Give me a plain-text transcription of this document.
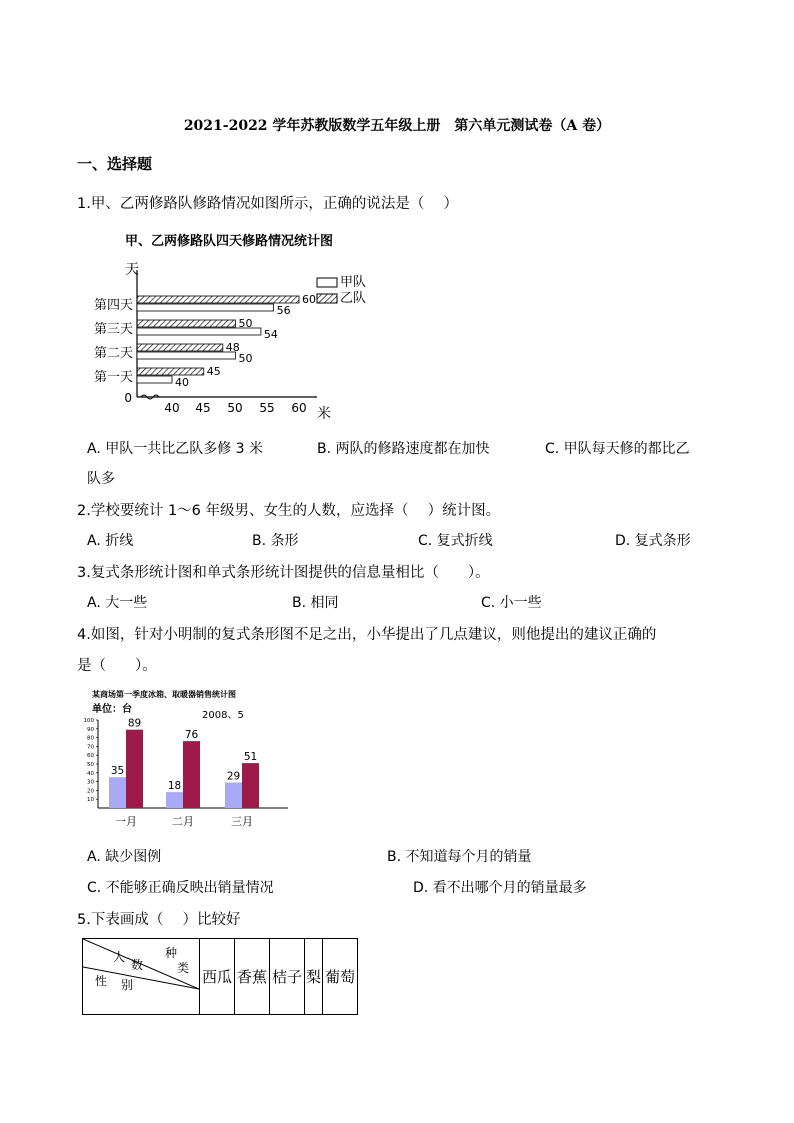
2021-2022 学年苏教版数学五年级上册　第六单元测试卷（A 卷）
一、选择题
1.甲、乙两修路队修路情况如图所示，正确的说法是（　 ）
甲、乙两修路队四天修路情况统计图
天
米
甲队
乙队
0
40 45 50 55 60
第一天	45
40
第二天	48
50
第三天	50
54
第四天	60
56
A. 甲队一共比乙队多修 3 米	B. 两队的修路速度都在加快	C. 甲队每天修的都比乙
队多
2.学校要统计 1～6 年级男、女生的人数，应选择（　 ）统计图。
A. 折线	B. 条形	C. 复式折线	D. 复式条形
3.复式条形统计图和单式条形统计图提供的信息量相比（　　）。
A. 大一些	B. 相同	C. 小一些
4.如图，针对小明制的复式条形图不足之出，小华提出了几点建议，则他提出的建议正确的
是（　　）。
某商场第一季度冰箱、取暖器销售统计图
单位：台
2008、5
10
20
30
40
50
60
70
80
90
100
35
89
一月
18
76
二月
29
51
三月
A. 缺少图例	B. 不知道每个月的销量
C. 不能够正确反映出销量情况	D. 看不出哪个月的销量最多
5.下表画成（　 ）比较好
种
类
人
数
性 别	西瓜	香蕉	桔子	梨	葡萄
